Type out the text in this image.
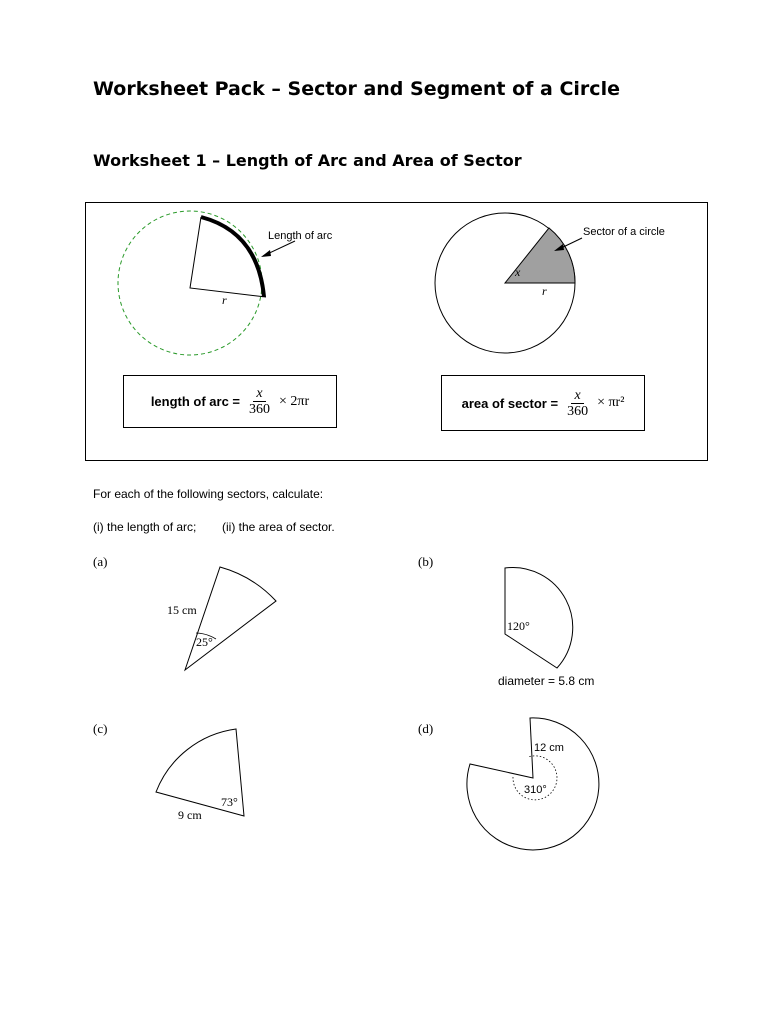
Worksheet Pack – Sector and Segment of a Circle
Worksheet 1 – Length of Arc and Area of Sector
Length of arc
r
Sector of a circle
x
r
15 cm
25°
120°
diameter = 5.8 cm
9 cm
73°
12 cm
310°
length of arc = $\frac{x}{360} \times 2\pi r$	area of sector = $\frac{x}{360} \times \pi r^2$
For each of the following sectors, calculate:
(i) the length of arc; (ii) the area of sector.
(a)	(b)
(c)	(d)
